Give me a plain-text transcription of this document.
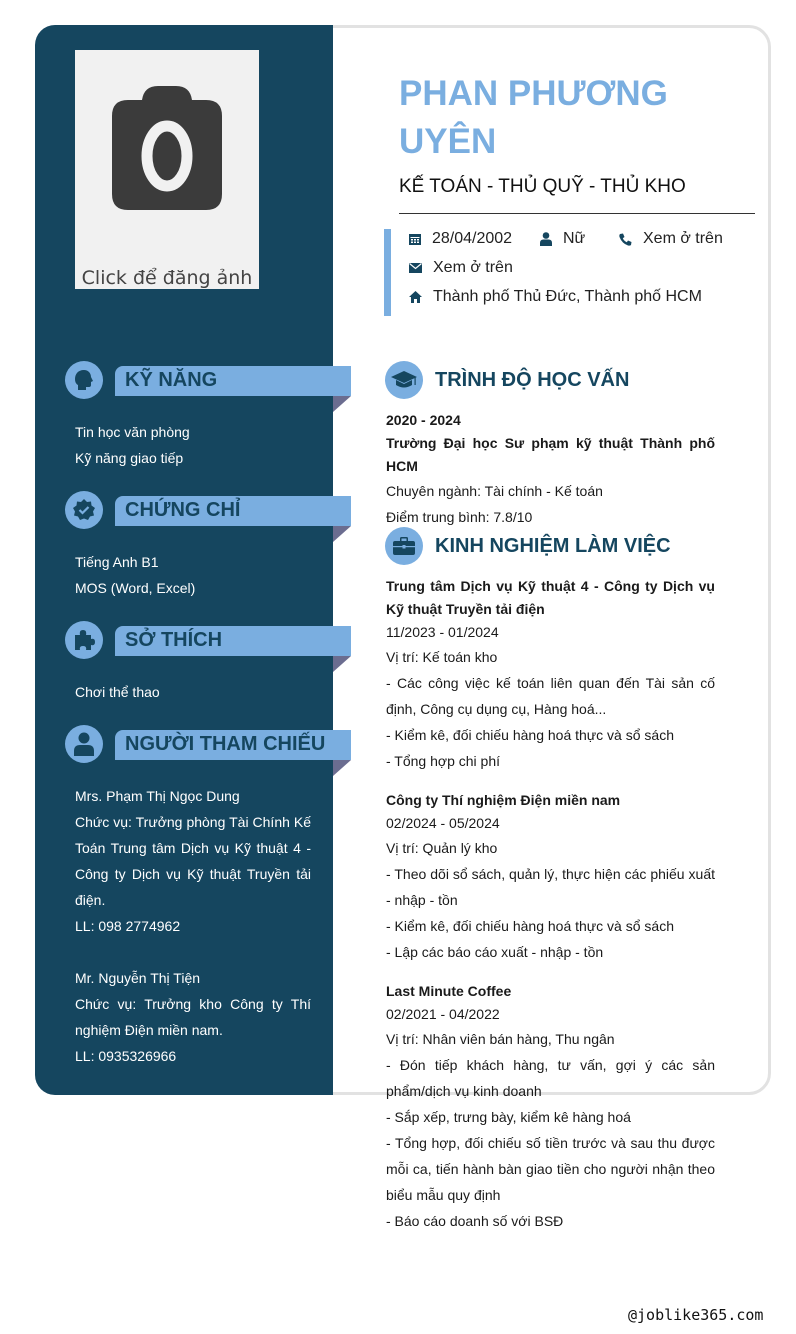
Click để đăng ảnh
KỸ NĂNG
Tin học văn phòng
Kỹ năng giao tiếp
CHỨNG CHỈ
Tiếng Anh B1
MOS (Word, Excel)
SỞ THÍCH
Chơi thể thao
NGƯỜI THAM CHIẾU
Mrs. Phạm Thị Ngọc Dung
Chức vụ: Trưởng phòng Tài Chính Kế Toán Trung tâm Dịch vụ Kỹ thuật 4 - Công ty Dịch vụ Kỹ thuật Truyền tải điện.
LL: 098 2774962
Mr. Nguyễn Thị Tiện
Chức vụ: Trưởng kho Công ty Thí nghiệm Điện miền nam.
LL: 0935326966
PHAN PHƯƠNG UYÊN
KẾ TOÁN - THỦ QUỸ - THỦ KHO
28/04/2002	Nữ	Xem ở trên
Xem ở trên
Thành phố Thủ Đức, Thành phố HCM
TRÌNH ĐỘ HỌC VẤN
2020 - 2024
Trường Đại học Sư phạm kỹ thuật Thành phố HCM
Chuyên ngành: Tài chính - Kế toán
Điểm trung bình: 7.8/10
KINH NGHIỆM LÀM VIỆC
Trung tâm Dịch vụ Kỹ thuật 4 - Công ty Dịch vụ Kỹ thuật Truyền tải điện
11/2023 - 01/2024
Vị trí: Kế toán kho
- Các công việc kế toán liên quan đến Tài sản cố định, Công cụ dụng cụ, Hàng hoá...
- Kiểm kê, đối chiếu hàng hoá thực và sổ sách
- Tổng hợp chi phí
Công ty Thí nghiệm Điện miền nam
02/2024 - 05/2024
Vị trí: Quản lý kho
- Theo dõi sổ sách, quản lý, thực hiện các phiếu xuất - nhập - tồn
- Kiểm kê, đối chiếu hàng hoá thực và sổ sách
- Lập các báo cáo xuất - nhập - tồn
Last Minute Coffee
02/2021 - 04/2022
Vị trí: Nhân viên bán hàng, Thu ngân
- Đón tiếp khách hàng, tư vấn, gợi ý các sản phẩm/dịch vụ kinh doanh
- Sắp xếp, trưng bày, kiểm kê hàng hoá
- Tổng hợp, đối chiếu số tiền trước và sau thu được mỗi ca, tiến hành bàn giao tiền cho người nhận theo biểu mẫu quy định
- Báo cáo doanh số với BSĐ
@joblike365.com
